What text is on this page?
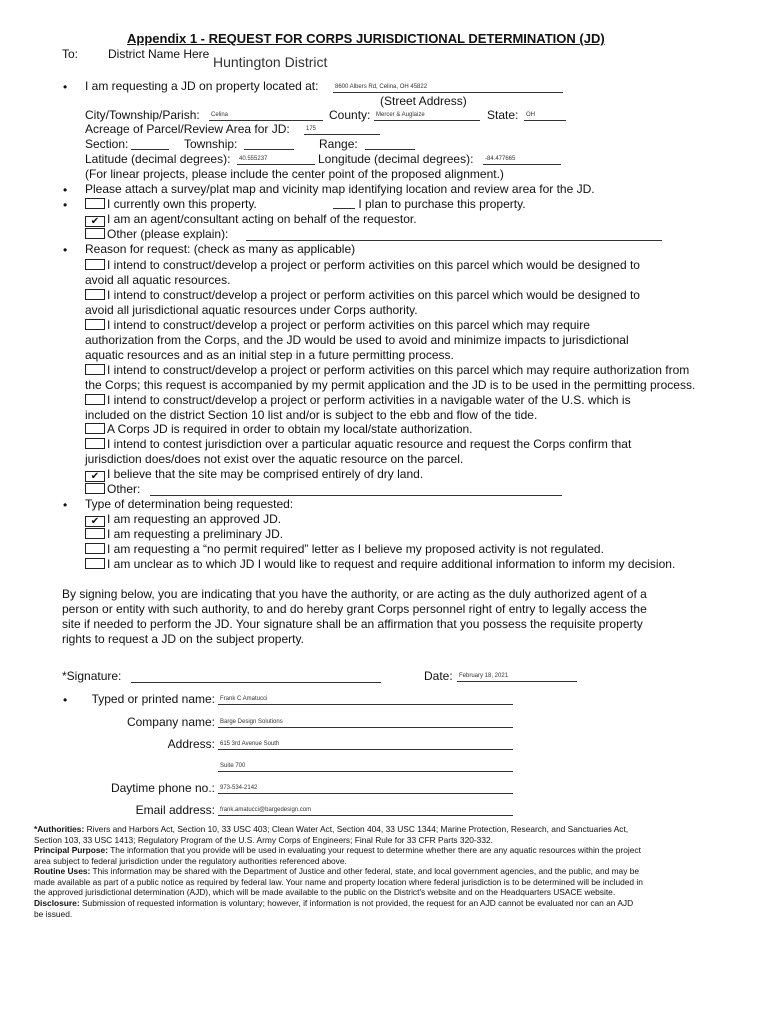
Appendix 1 - REQUEST FOR CORPS JURISDICTIONAL DETERMINATION (JD)
To: District Name Here Huntington District
• I am requesting a JD on property located at:	8600 Albers Rd, Celina, OH 45822
(Street Address)
City/Township/Parish: Celina	County: Mercer & Auglaize	State: OH
Acreage of Parcel/Review Area for JD:	175
Section:	Township:	Range:
Latitude (decimal degrees): 40.555237	Longitude (decimal degrees): -84.477665
(For linear projects, please include the center point of the proposed alignment.)
• Please attach a survey/plat map and vicinity map identifying location and review area for the JD.
•	I currently own this property.	I plan to purchase this property.
✔ I am an agent/consultant acting on behalf of the requestor.
Other (please explain):
• Reason for request: (check as many as applicable)
I intend to construct/develop a project or perform activities on this parcel which would be designed to
avoid all aquatic resources.
I intend to construct/develop a project or perform activities on this parcel which would be designed to
avoid all jurisdictional aquatic resources under Corps authority.
I intend to construct/develop a project or perform activities on this parcel which may require
authorization from the Corps, and the JD would be used to avoid and minimize impacts to jurisdictional
aquatic resources and as an initial step in a future permitting process.
I intend to construct/develop a project or perform activities on this parcel which may require authorization from
the Corps; this request is accompanied by my permit application and the JD is to be used in the permitting process.
I intend to construct/develop a project or perform activities in a navigable water of the U.S. which is
included on the district Section 10 list and/or is subject to the ebb and flow of the tide.
A Corps JD is required in order to obtain my local/state authorization.
I intend to contest jurisdiction over a particular aquatic resource and request the Corps confirm that
jurisdiction does/does not exist over the aquatic resource on the parcel.
✔ I believe that the site may be comprised entirely of dry land.
Other:
• Type of determination being requested:
✔ I am requesting an approved JD.
I am requesting a preliminary JD.
I am requesting a “no permit required” letter as I believe my proposed activity is not regulated.
I am unclear as to which JD I would like to request and require additional information to inform my decision.
By signing below, you are indicating that you have the authority, or are acting as the duly authorized agent of a
person or entity with such authority, to and do hereby grant Corps personnel right of entry to legally access the
site if needed to perform the JD. Your signature shall be an affirmation that you possess the requisite property
rights to request a JD on the subject property.
*Signature:	Date: February 18, 2021
•	Typed or printed name: Frank C Amatucci
Company name: Barge Design Solutions
Address: 615 3rd Avenue South
Suite 700
Daytime phone no.: 973-534-2142
Email address: frank.amatucci@bargedesign.com
*Authorities: Rivers and Harbors Act, Section 10, 33 USC 403; Clean Water Act, Section 404, 33 USC 1344; Marine Protection, Research, and Sanctuaries Act, Section 103, 33 USC 1413; Regulatory Program of the U.S. Army Corps of Engineers; Final Rule for 33 CFR Parts 320-332.
Principal Purpose: The information that you provide will be used in evaluating your request to determine whether there are any aquatic resources within the project area subject to federal jurisdiction under the regulatory authorities referenced above.
Routine Uses: This information may be shared with the Department of Justice and other federal, state, and local government agencies, and the public, and may be made available as part of a public notice as required by federal law. Your name and property location where federal jurisdiction is to be determined will be included in the approved jurisdictional determination (AJD), which will be made available to the public on the District's website and on the Headquarters USACE website.
Disclosure: Submission of requested information is voluntary; however, if information is not provided, the request for an AJD cannot be evaluated nor can an AJD be issued.
